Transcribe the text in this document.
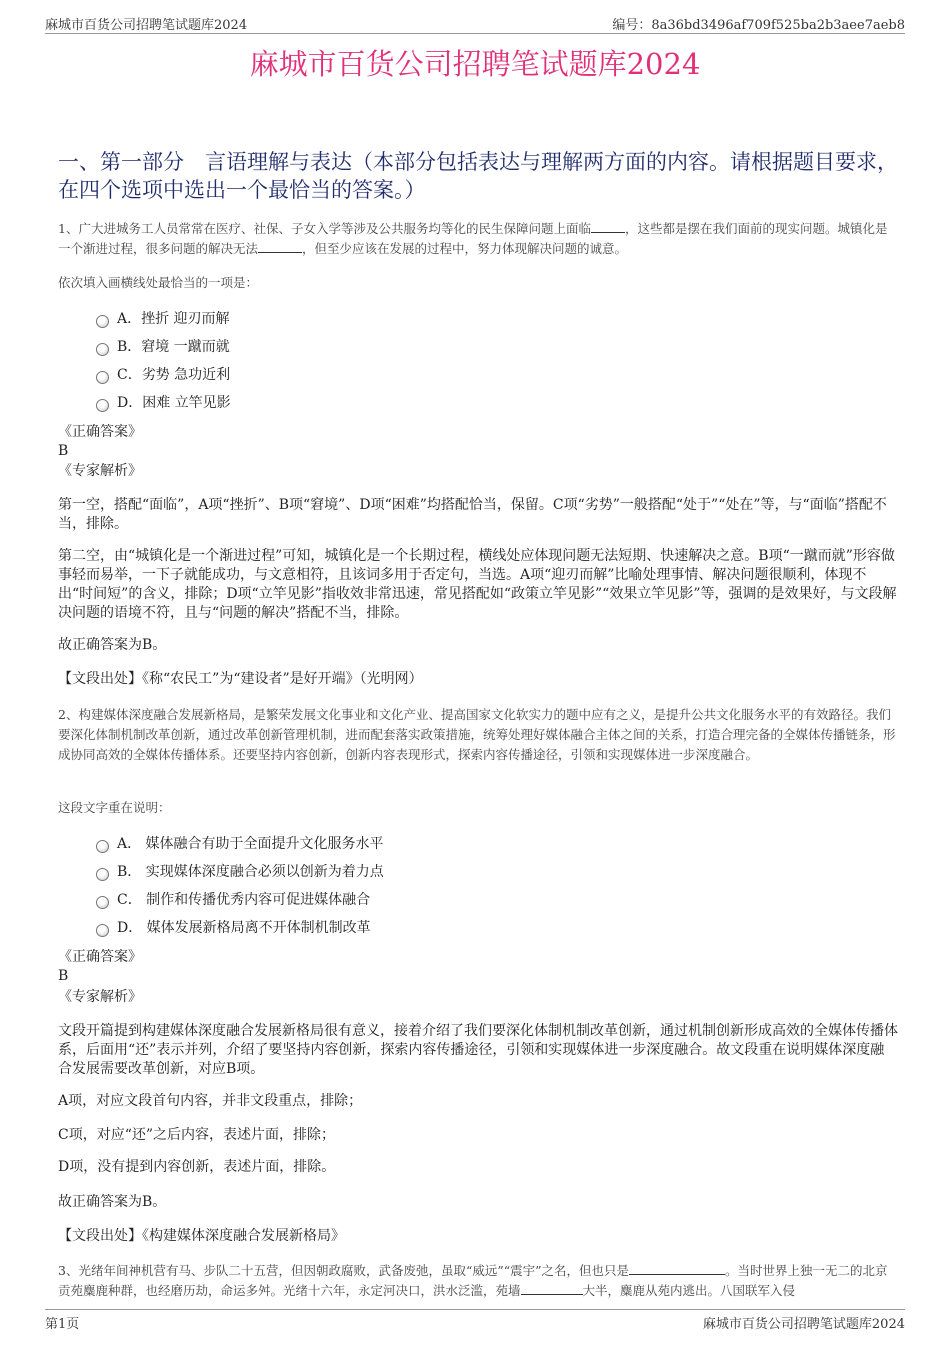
麻城市百货公司招聘笔试题库2024	编号：8a36bd3496af709f525ba2b3aee7aeb8
麻城市百货公司招聘笔试题库2024
一、第一部分　言语理解与表达（本部分包括表达与理解两方面的内容。请根据题目要求，在四个选项中选出一个最恰当的答案。）
1、广大进城务工人员常常在医疗、社保、子女入学等涉及公共服务均等化的民生保障问题上面临	，这些都是摆在我们面前的现实问题。城镇化是一个渐进过程，很多问题的解决无法	，但至少应该在发展的过程中，努力体现解决问题的诚意。
依次填入画横线处最恰当的一项是：
A．挫折 迎刃而解
B．窘境 一蹴而就
C．劣势 急功近利
D．困难 立竿见影
《正确答案》
B
《专家解析》
第一空，搭配“面临”，A项“挫折”、B项“窘境”、D项“困难”均搭配恰当，保留。C项“劣势”一般搭配“处于”“处在”等，与“面临”搭配不当，排除。
第二空，由“城镇化是一个渐进过程”可知，城镇化是一个长期过程，横线处应体现问题无法短期、快速解决之意。B项“一蹴而就”形容做事轻而易举，一下子就能成功，与文意相符，且该词多用于否定句，当选。A项“迎刃而解”比喻处理事情、解决问题很顺利，体现不出“时间短”的含义，排除；D项“立竿见影”指收效非常迅速，常见搭配如“政策立竿见影”“效果立竿见影”等，强调的是效果好，与文段解决问题的语境不符，且与“问题的解决”搭配不当，排除。
故正确答案为B。
【文段出处】《称“农民工”为“建设者”是好开端》（光明网）
2、构建媒体深度融合发展新格局，是繁荣发展文化事业和文化产业、提高国家文化软实力的题中应有之义，是提升公共文化服务水平的有效路径。我们要深化体制机制改革创新，通过改革创新管理机制，进而配套落实政策措施，统筹处理好媒体融合主体之间的关系，打造合理完备的全媒体传播链条，形成协同高效的全媒体传播体系。还要坚持内容创新，创新内容表现形式，探索内容传播途径，引领和实现媒体进一步深度融合。
这段文字重在说明：
A． 媒体融合有助于全面提升文化服务水平
B． 实现媒体深度融合必须以创新为着力点
C． 制作和传播优秀内容可促进媒体融合
D． 媒体发展新格局离不开体制机制改革
《正确答案》
B
《专家解析》
文段开篇提到构建媒体深度融合发展新格局很有意义，接着介绍了我们要深化体制机制改革创新，通过机制创新形成高效的全媒体传播体系，后面用“还”表示并列，介绍了要坚持内容创新，探索内容传播途径，引领和实现媒体进一步深度融合。故文段重在说明媒体深度融合发展需要改革创新，对应B项。
A项，对应文段首句内容，并非文段重点，排除；
C项，对应“还”之后内容，表述片面，排除；
D项，没有提到内容创新，表述片面，排除。
故正确答案为B。
【文段出处】《构建媒体深度融合发展新格局》
3、光绪年间神机营有马、步队二十五营，但因朝政腐败，武备废弛，虽取“威远”“震宇”之名，但也只是	。当时世界上独一无二的北京贡苑麋鹿种群，也经磨历劫，命运多舛。光绪十六年，永定河决口，洪水泛滥，苑墙	大半，麋鹿从苑内逃出。八国联军入侵
第1页	麻城市百货公司招聘笔试题库2024
